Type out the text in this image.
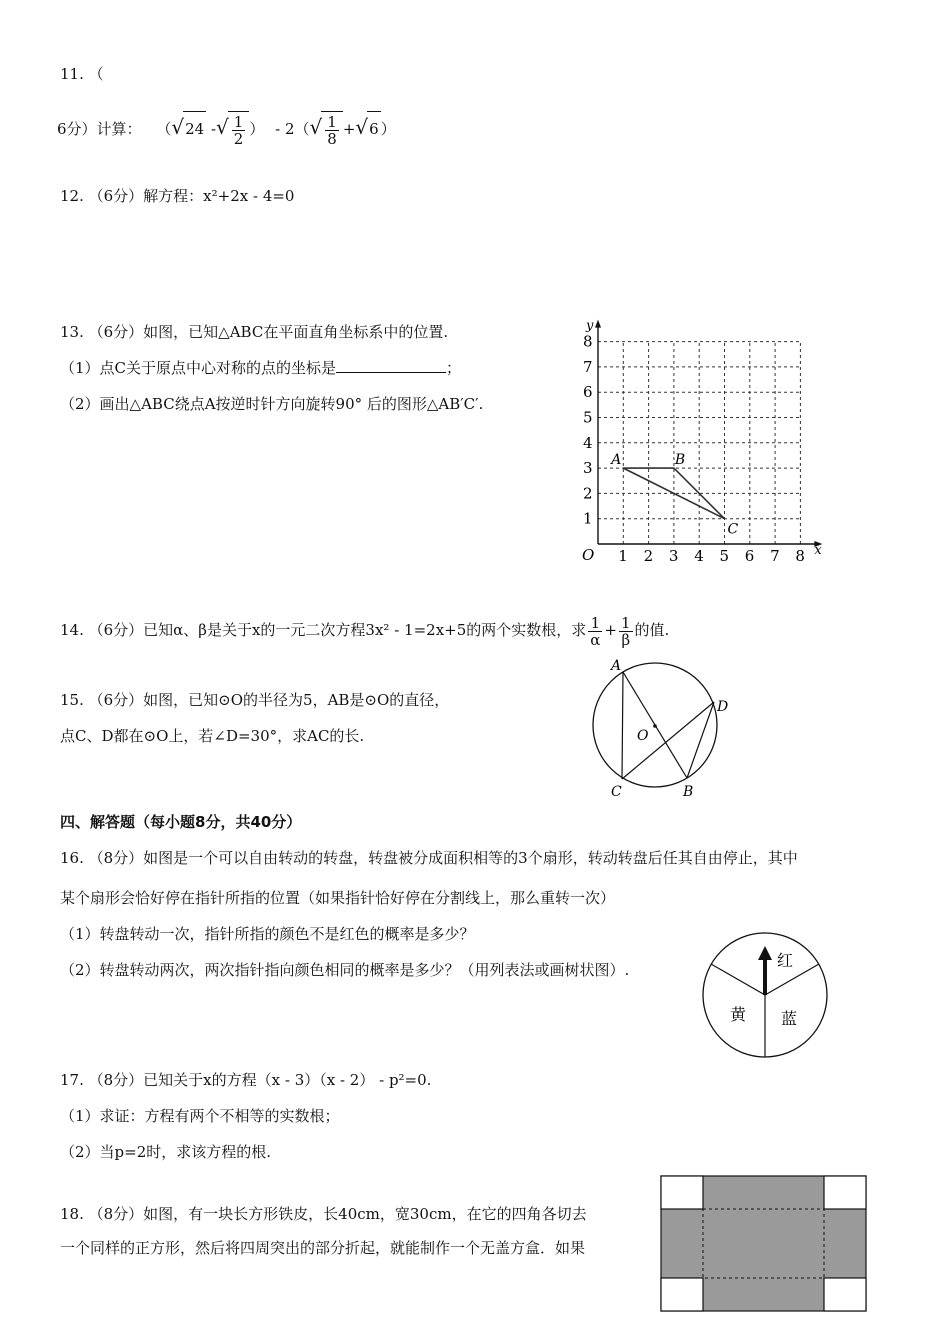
11. （
6分）计算： （√24 -√ $\frac{1}{2}$ ） - $2(√ \frac{1}{8} +√6$ ）
12. （6分）解方程：x²+2x - 4=0
13. （6分）如图，已知△ABC在平面直角坐标系中的位置.
（1）点C关于原点中心对称的点的坐标是	；
（2）画出△ABC绕点A按逆时针方向旋转90° 后的图形△AB′C′.
1 2 3 4 5 6 7 8
1
2
3
4
5
6
7
8
O	x
y
A	B
C
14. （6分）已知α、β是关于x的一元二次方程3x² - 1=2x+5的两个实数根，求 $\frac{1}{\alpha} + \frac{1}{\beta}$ 的值.
15. （6分）如图，已知⊙O的半径为5，AB是⊙O的直径，
点C、D都在⊙O上，若∠D=30°，求AC的长.
A
O
D
C	B
四、解答题（每小题8分，共40分）
16. （8分）如图是一个可以自由转动的转盘，转盘被分成面积相等的3个扇形，转动转盘后任其自由停止，其中
某个扇形会恰好停在指针所指的位置（如果指针恰好停在分割线上，那么重转一次）
（1）转盘转动一次，指针所指的颜色不是红色的概率是多少？
（2）转盘转动两次，两次指针指向颜色相同的概率是多少？（用列表法或画树状图）.	红
黄 蓝
17. （8分）已知关于x的方程（x - 3）（x - 2） - p²=0.
（1）求证：方程有两个不相等的实数根；
（2）当p=2时，求该方程的根.
18. （8分）如图，有一块长方形铁皮，长40cm，宽30cm，在它的四角各切去
一个同样的正方形，然后将四周突出的部分折起，就能制作一个无盖方盒．如果
